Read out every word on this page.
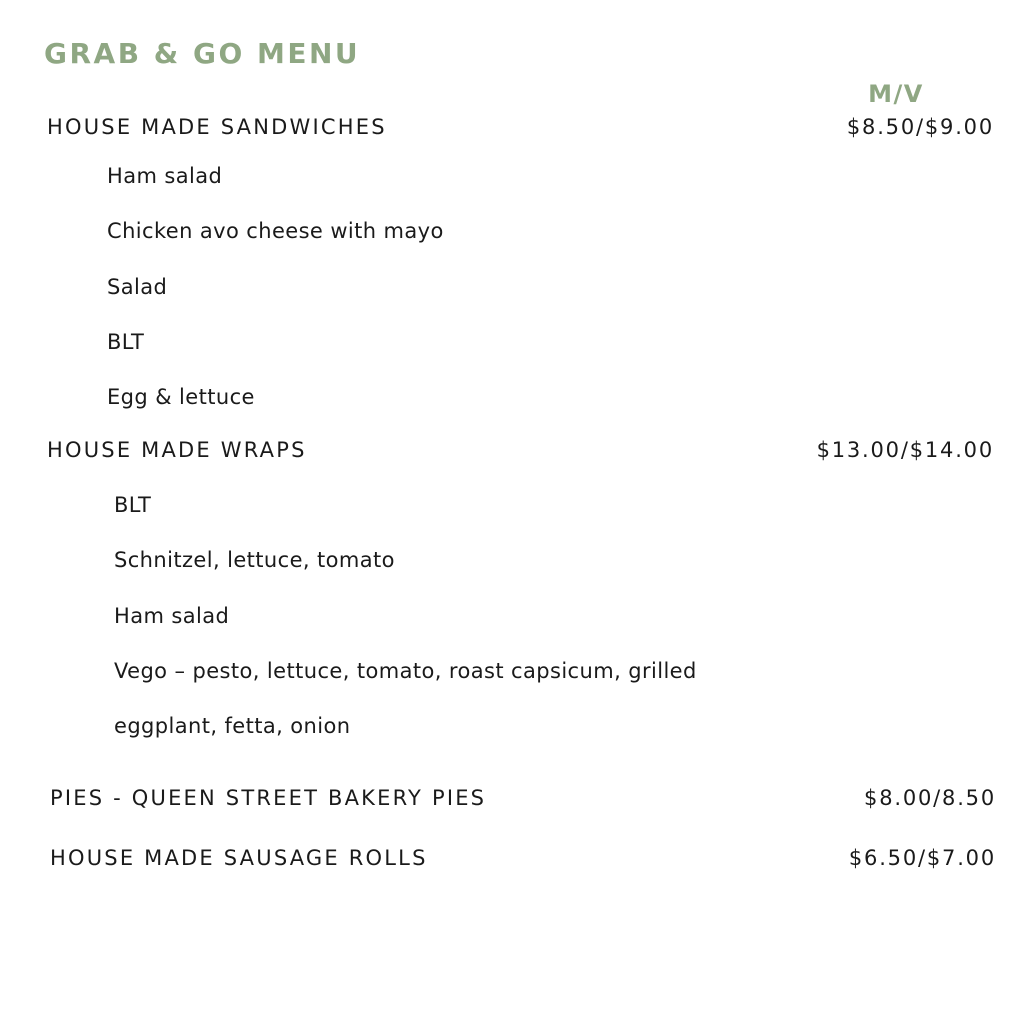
GRAB & GO MENU
M/V
HOUSE MADE SANDWICHES	$8.50/$9.00
Ham salad
Chicken avo cheese with mayo
Salad
BLT
Egg & lettuce
HOUSE MADE WRAPS	$13.00/$14.00
BLT
Schnitzel, lettuce, tomato
Ham salad
Vego – pesto, lettuce, tomato, roast capsicum, grilled
eggplant, fetta, onion
PIES - QUEEN STREET BAKERY PIES	$8.00/8.50
HOUSE MADE SAUSAGE ROLLS	$6.50/$7.00
